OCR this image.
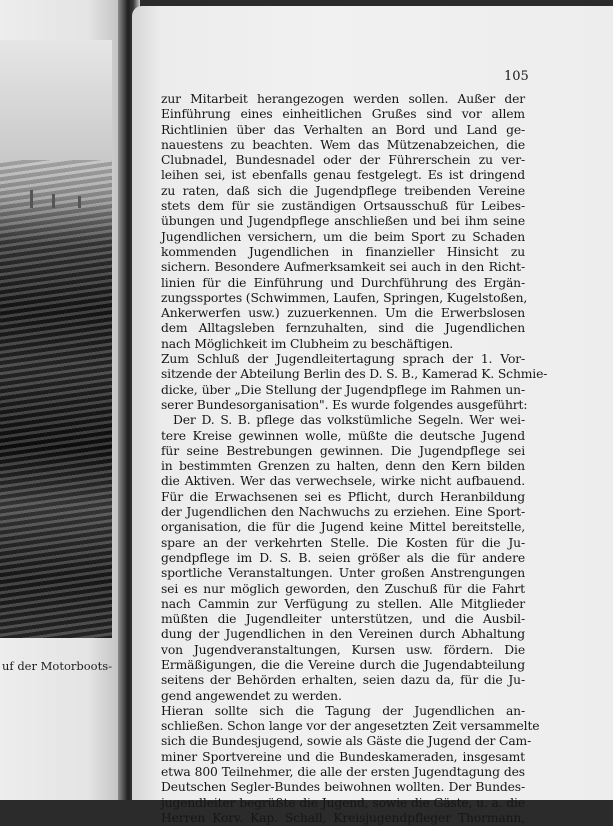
uf der Motorboots-
105
zur Mitarbeit herangezogen werden sollen. Außer der
Einführung eines einheitlichen Grußes sind vor allem
Richtlinien über das Verhalten an Bord und Land ge-
nauestens zu beachten. Wem das Mützenabzeichen, die
Clubnadel, Bundesnadel oder der Führerschein zu ver-
leihen sei, ist ebenfalls genau festgelegt. Es ist dringend
zu raten, daß sich die Jugendpflege treibenden Vereine
stets dem für sie zuständigen Ortsausschuß für Leibes-
übungen und Jugendpflege anschließen und bei ihm seine
Jugendlichen versichern, um die beim Sport zu Schaden
kommenden Jugendlichen in finanzieller Hinsicht zu
sichern. Besondere Aufmerksamkeit sei auch in den Richt-
linien für die Einführung und Durchführung des Ergän-
zungssportes (Schwimmen, Laufen, Springen, Kugelstoßen,
Ankerwerfen usw.) zuzuerkennen. Um die Erwerbslosen
dem Alltagsleben fernzuhalten, sind die Jugendlichen
nach Möglichkeit im Clubheim zu beschäftigen.
Zum Schluß der Jugendleitertagung sprach der 1. Vor-
sitzende der Abteilung Berlin des D. S. B., Kamerad K. Schmie-
dicke, über „Die Stellung der Jugendpflege im Rahmen un-
serer Bundesorganisation". Es wurde folgendes ausgeführt:
Der D. S. B. pflege das volkstümliche Segeln. Wer wei-
tere Kreise gewinnen wolle, müßte die deutsche Jugend
für seine Bestrebungen gewinnen. Die Jugendpflege sei
in bestimmten Grenzen zu halten, denn den Kern bilden
die Aktiven. Wer das verwechsele, wirke nicht aufbauend.
Für die Erwachsenen sei es Pflicht, durch Heranbildung
der Jugendlichen den Nachwuchs zu erziehen. Eine Sport-
organisation, die für die Jugend keine Mittel bereitstelle,
spare an der verkehrten Stelle. Die Kosten für die Ju-
gendpflege im D. S. B. seien größer als die für andere
sportliche Veranstaltungen. Unter großen Anstrengungen
sei es nur möglich geworden, den Zuschuß für die Fahrt
nach Cammin zur Verfügung zu stellen. Alle Mitglieder
müßten die Jugendleiter unterstützen, und die Ausbil-
dung der Jugendlichen in den Vereinen durch Abhaltung
von Jugendveranstaltungen, Kursen usw. fördern. Die
Ermäßigungen, die die Vereine durch die Jugendabteilung
seitens der Behörden erhalten, seien dazu da, für die Ju-
gend angewendet zu werden.
Hieran sollte sich die Tagung der Jugendlichen an-
schließen. Schon lange vor der angesetzten Zeit versammelte
sich die Bundesjugend, sowie als Gäste die Jugend der Cam-
miner Sportvereine und die Bundeskameraden, insgesamt
etwa 800 Teilnehmer, die alle der ersten Jugendtagung des
Deutschen Segler-Bundes beiwohnen wollten. Der Bundes-
jugendleiter begrüßte die Jugend, sowie die Gäste, u. a. die
Herren Korv. Kap. Schall, Kreisjugendpfleger Thormann,
